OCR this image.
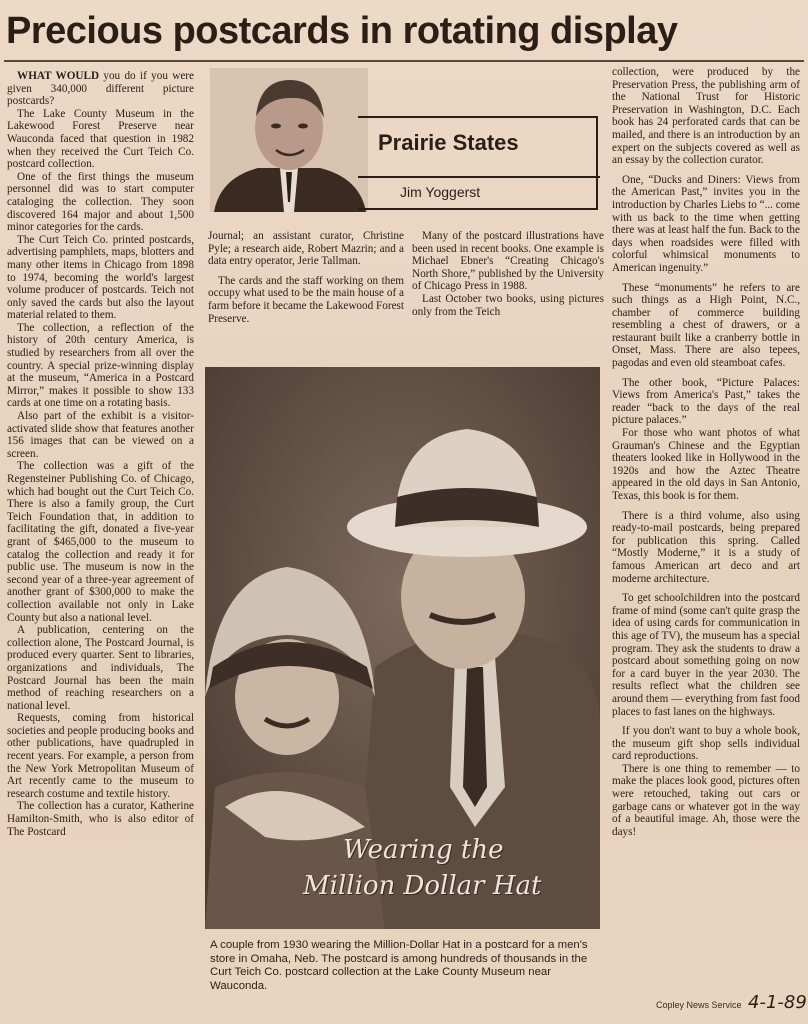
Precious postcards in rotating display

WHAT WOULD you do if you were given 340,000 different picture postcards?

The Lake County Museum in the Lakewood Forest Preserve near Wauconda faced that question in 1982 when they received the Curt Teich Co. postcard collection.

One of the first things the museum personnel did was to start computer cataloging the collection. They soon discovered 164 major and about 1,500 minor categories for the cards.

The Curt Teich Co. printed postcards, advertising pamphlets, maps, blotters and many other items in Chicago from 1898 to 1974, becoming the world's largest volume producer of postcards. Teich not only saved the cards but also the layout material related to them.

The collection, a reflection of the history of 20th century America, is studied by researchers from all over the country. A special prize-winning display at the museum, “America in a Postcard Mirror,” makes it possible to show 133 cards at one time on a rotating basis.

Also part of the exhibit is a visitor-activated slide show that features another 156 images that can be viewed on a screen.

The collection was a gift of the Regensteiner Publishing Co. of Chicago, which had bought out the Curt Teich Co. There is also a family group, the Curt Teich Foundation that, in addition to facilitating the gift, donated a five-year grant of $465,000 to the museum to catalog the collection and ready it for public use. The museum is now in the second year of a three-year agreement of another grant of $300,000 to make the collection available not only in Lake County but also a national level.

A publication, centering on the collection alone, The Postcard Journal, is produced every quarter. Sent to libraries, organizations and individuals, The Postcard Journal has been the main method of reaching researchers on a national level.

Requests, coming from historical societies and people producing books and other publications, have quadrupled in recent years. For example, a person from the New York Metropolitan Museum of Art recently came to the museum to research costume and textile history.

The collection has a curator, Katherine Hamilton-Smith, who is also editor of The Postcard

Prairie States
Jim Yoggerst

Journal; an assistant curator, Christine Pyle; a research aide, Robert Mazrin; and a data entry operator, Jerie Tallman.

The cards and the staff working on them occupy what used to be the main house of a farm before it became the Lakewood Forest Preserve.

Many of the postcard illustrations have been used in recent books. One example is Michael Ebner's “Creating Chicago's North Shore,” published by the University of Chicago Press in 1988.

Last October two books, using pictures only from the Teich

collection, were produced by the Preservation Press, the publishing arm of the National Trust for Historic Preservation in Washington, D.C. Each book has 24 perforated cards that can be mailed, and there is an introduction by an expert on the subjects covered as well as an essay by the collection curator.

One, “Ducks and Diners: Views from the American Past,” invites you in the introduction by Charles Liebs to “... come with us back to the time when getting there was at least half the fun. Back to the days when roadsides were filled with colorful whimsical monuments to American ingenuity.”

These “monuments” he refers to are such things as a High Point, N.C., chamber of commerce building resembling a chest of drawers, or a restaurant built like a cranberry bottle in Onset, Mass. There are also tepees, pagodas and even old steamboat cafes.

The other book, “Picture Palaces: Views from America's Past,” takes the reader “back to the days of the real picture palaces.”

For those who want photos of what Grauman's Chinese and the Egyptian theaters looked like in Hollywood in the 1920s and how the Aztec Theatre appeared in the old days in San Antonio, Texas, this book is for them.

There is a third volume, also using ready-to-mail postcards, being prepared for publication this spring. Called “Mostly Moderne,” it is a study of famous American art deco and art moderne architecture.

To get schoolchildren into the postcard frame of mind (some can't quite grasp the idea of using cards for communication in this age of TV), the museum has a special program. They ask the students to draw a postcard about something going on now for a card buyer in the year 2030. The results reflect what the children see around them — everything from fast food places to fast lanes on the highways.

If you don't want to buy a whole book, the museum gift shop sells individual card reproductions.

There is one thing to remember — to make the places look good, pictures often were retouched, taking out cars or garbage cans or whatever got in the way of a beautiful image. Ah, those were the days!

Wearing the
Million Dollar Hat
A couple from 1930 wearing the Million-Dollar Hat in a postcard for a men's store in Omaha, Neb. The postcard is among hundreds of thousands in the Curt Teich Co. postcard collection at the Lake County Museum near Wauconda.
Copley News Service 4-1-89
